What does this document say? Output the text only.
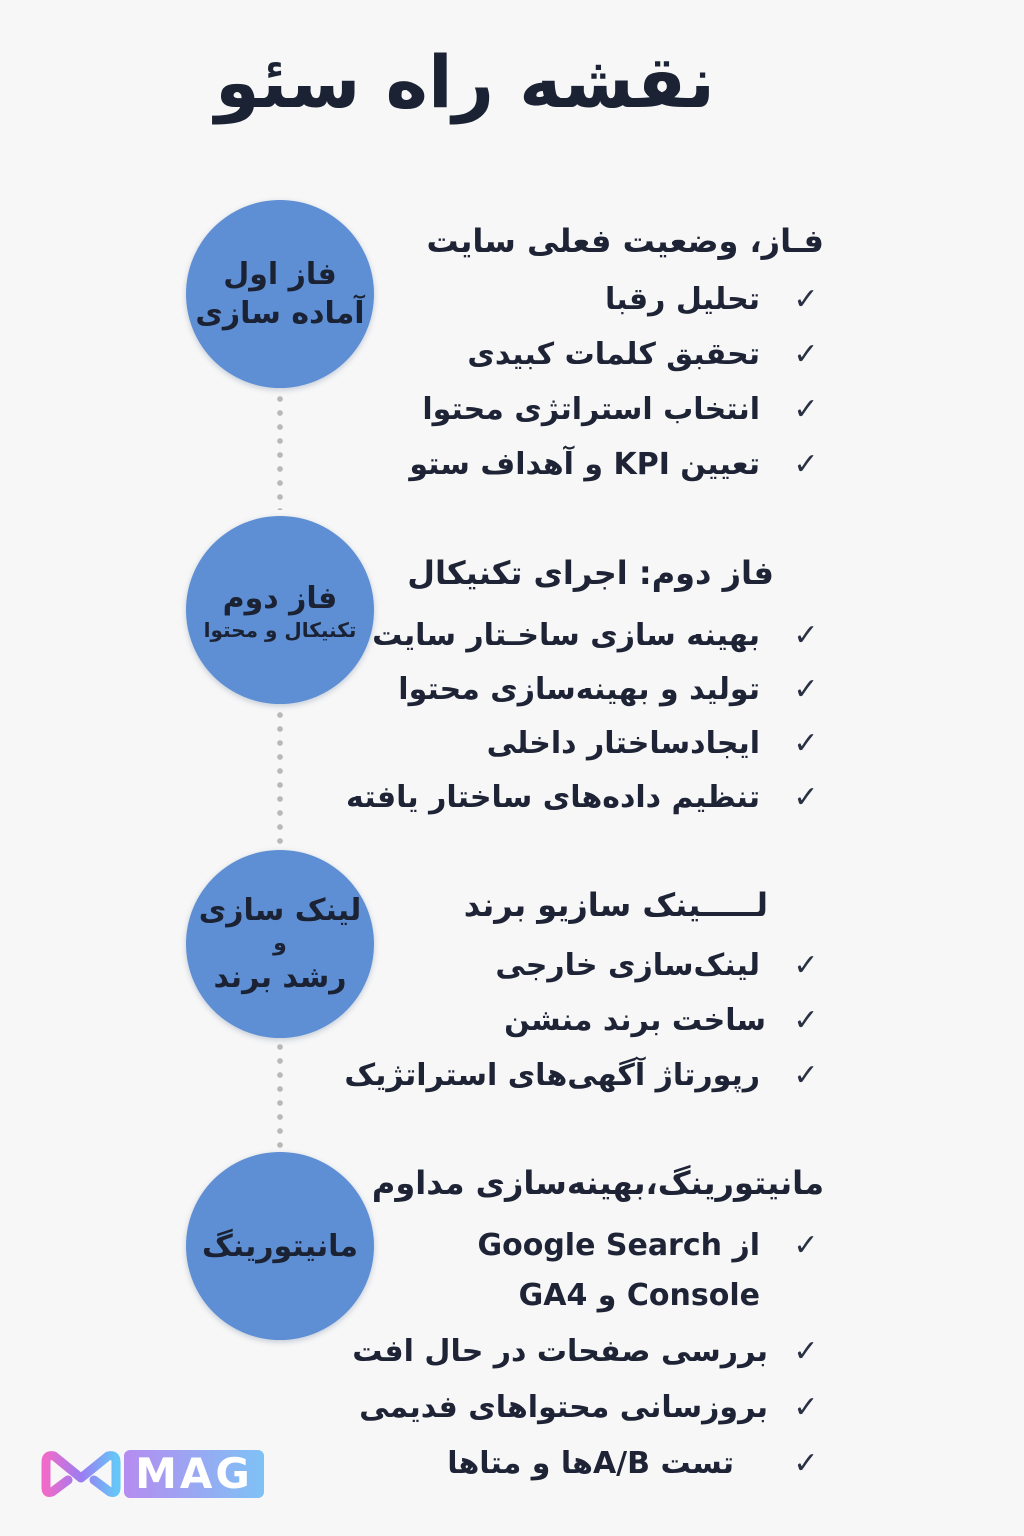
نقشه راه سئو
فاز اول
آماده سازی
فـاز، وضعیت فعلی سایت
تحلیل رقبا ✓
تحقبق کلمات کبیدی ✓
انتخاب استراتژی محتوا ✓
تعیین KPI و آهداف ستو ✓
فاز دوم
تکنیکال و محتوا
فاز دوم: اجرای تکنیکال
بهینه سازی ساخـتار سایت ✓
تولید و بهینه‌سازی محتوا ✓
ایجادساختار داخلی ✓
تنظیم داده‌های ساختار یافته ✓
لینک سازی
و
رشد برند
لـــــینک سازیو برند
لینک‌سازی خارجی ✓
ساخت برند منشن ✓
رپورتاژ آگهی‌های استراتژیک ✓
مانیتورینگ
مانیتورینگ،بهینه‌سازی مداوم
از Google Search ✓
Console و GA4
بررسی صفحات در حال افت ✓
بروزسانی محتواهای فدیمی ✓
تست A/Bها و متاها ✓
MAG
